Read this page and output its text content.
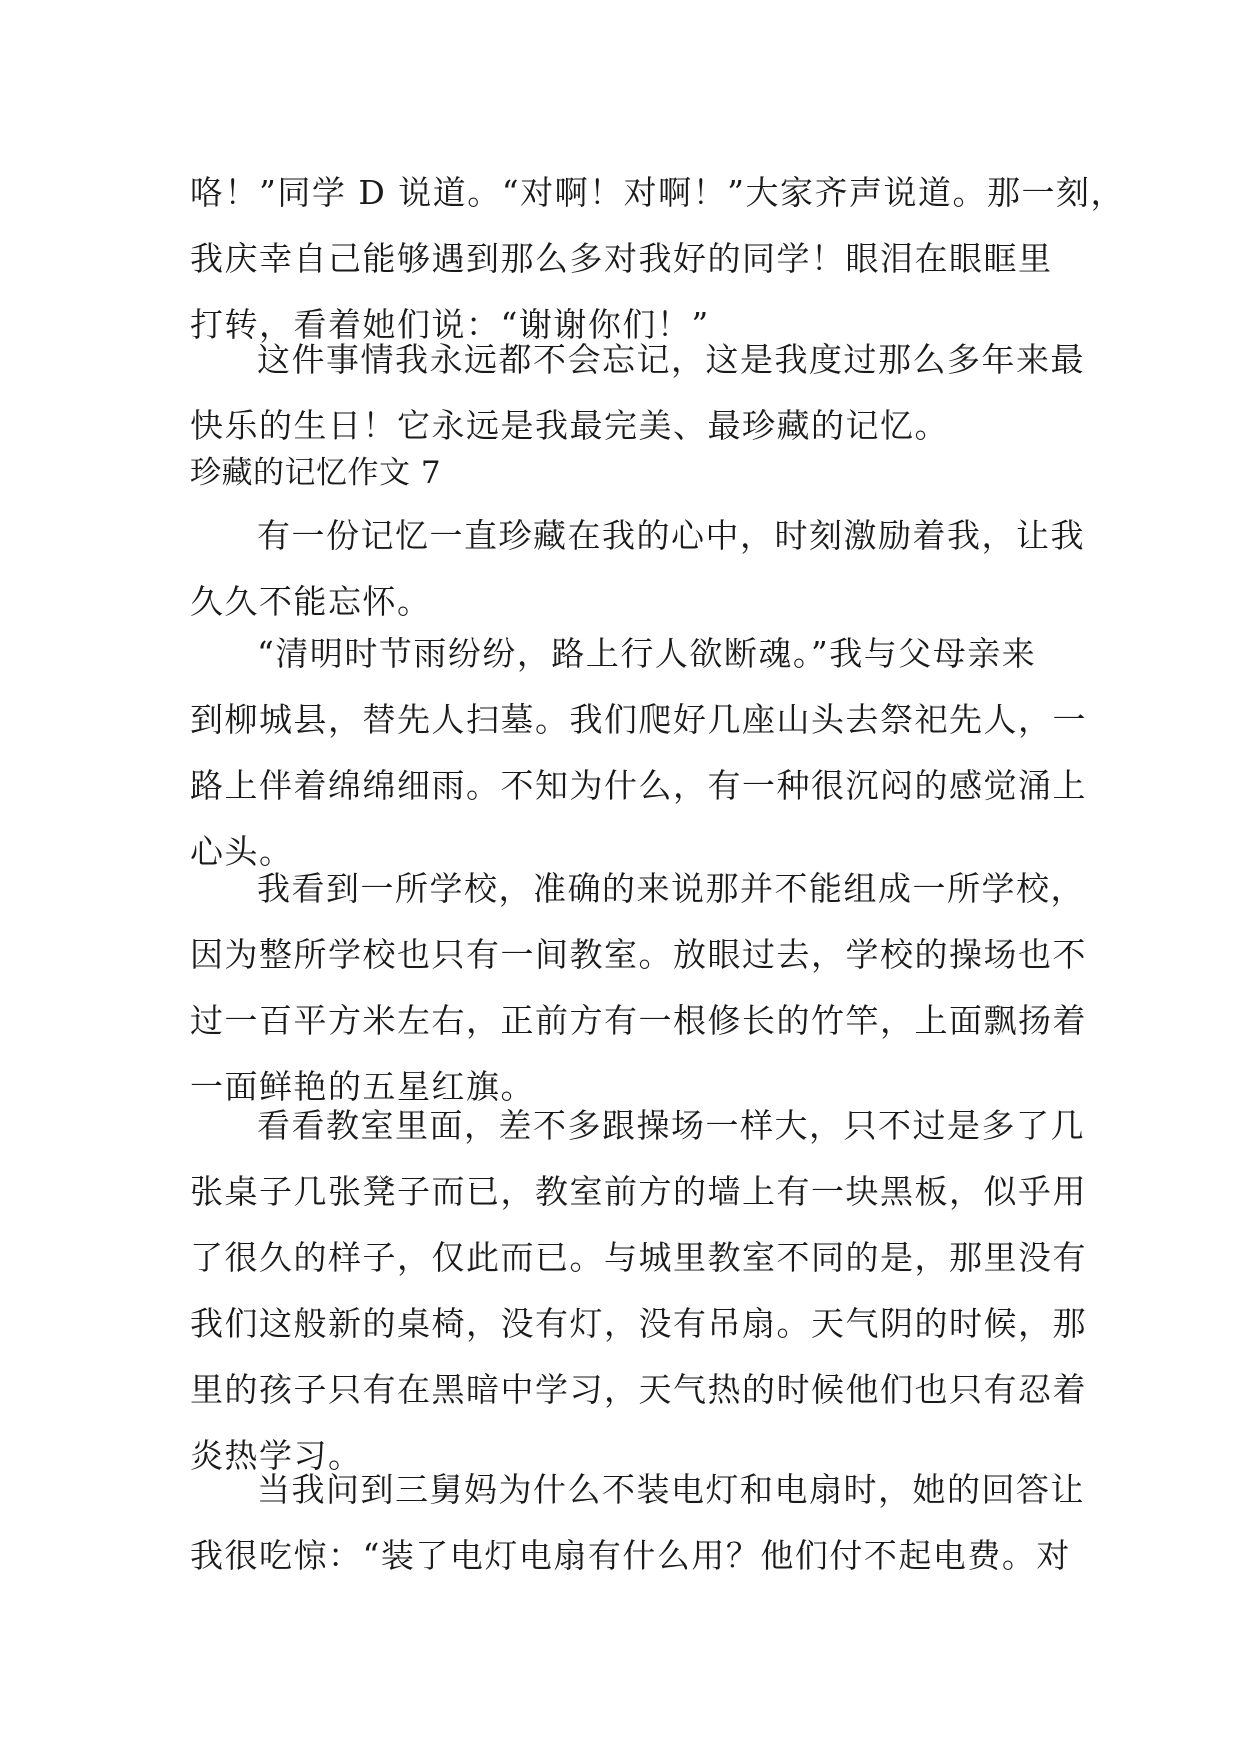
咯！”同学 D 说道。“对啊！对啊！”大家齐声说道。那一刻，
我庆幸自己能够遇到那么多对我好的同学！眼泪在眼眶里
打转，看着她们说：“谢谢你们！”
这件事情我永远都不会忘记，这是我度过那么多年来最
快乐的生日！它永远是我最完美、最珍藏的记忆。
珍藏的记忆作文 7
有一份记忆一直珍藏在我的心中，时刻激励着我，让我
久久不能忘怀。
“清明时节雨纷纷，路上行人欲断魂。”我与父母亲来
到柳城县，替先人扫墓。我们爬好几座山头去祭祀先人，一
路上伴着绵绵细雨。不知为什么，有一种很沉闷的感觉涌上
心头。
我看到一所学校，准确的来说那并不能组成一所学校，
因为整所学校也只有一间教室。放眼过去，学校的操场也不
过一百平方米左右，正前方有一根修长的竹竿，上面飘扬着
一面鲜艳的五星红旗。
看看教室里面，差不多跟操场一样大，只不过是多了几
张桌子几张凳子而已，教室前方的墙上有一块黑板，似乎用
了很久的样子，仅此而已。与城里教室不同的是，那里没有
我们这般新的桌椅，没有灯，没有吊扇。天气阴的时候，那
里的孩子只有在黑暗中学习，天气热的时候他们也只有忍着
炎热学习。
当我问到三舅妈为什么不装电灯和电扇时，她的回答让
我很吃惊：“装了电灯电扇有什么用？他们付不起电费。对
